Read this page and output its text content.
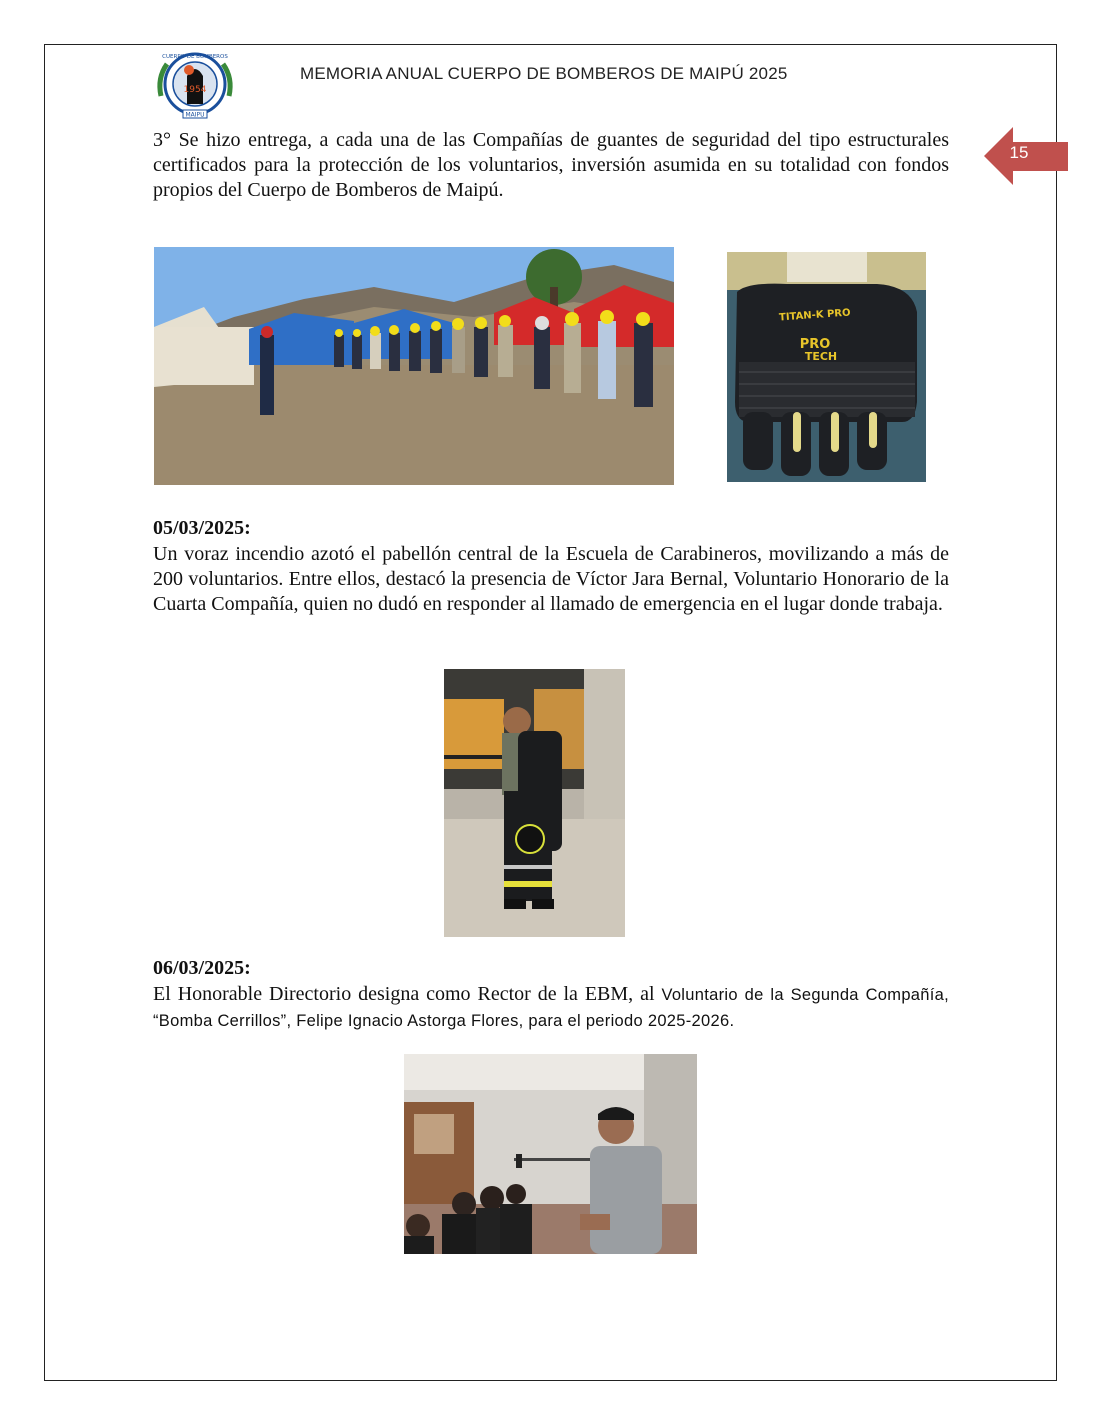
1954
CUERPO DE BOMBEROS
MAIPU
MEMORIA ANUAL CUERPO DE BOMBEROS DE MAIPÚ 2025
15

3° Se hizo entrega, a cada una de las Compañías de guantes de seguridad del tipo estructurales certificados para la protección de los voluntarios, inversión asumida en su totalidad con fondos propios del Cuerpo de Bomberos de Maipú.

TITAN-K PRO
PRO
TECH

05/03/2025:

Un voraz incendio azotó el pabellón central de la Escuela de Carabineros, movilizando a más de 200 voluntarios. Entre ellos, destacó la presencia de Víctor Jara Bernal, Voluntario Honorario de la Cuarta Compañía, quien no dudó en responder al llamado de emergencia en el lugar donde trabaja.

06/03/2025:

El Honorable Directorio designa como Rector de la EBM, al Voluntario de la Segunda Compañía, “Bomba Cerrillos”, Felipe Ignacio Astorga Flores, para el periodo 2025-2026.
